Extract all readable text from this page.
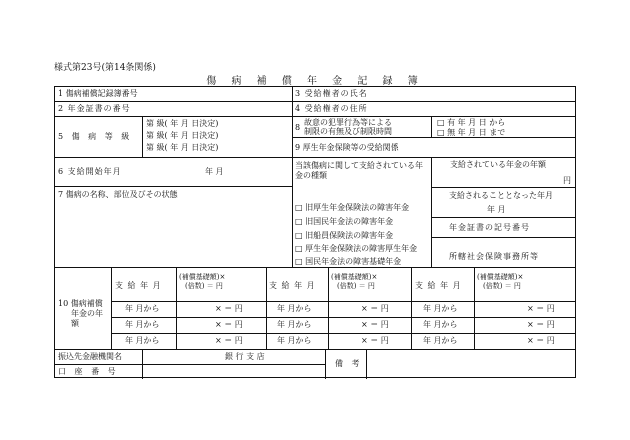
様式第23号(第14条関係)
傷 病 補 償 年 金 記 録 簿
1 傷病補償記録簿番号
2 年金証書の番号
3 受給権者の氏名
4 受給権者の住所
5 傷 病 等 級
第 級( 年 月 日決定)
第 級( 年 月 日決定)
第 級( 年 月 日決定)
8
故意の犯罪行為等による
制限の有無及び制限時間
□ 有 年 月 日 から
□ 無 年 月 日 まで
9 厚生年金保険等の受給関係
6 支給開始年月	年 月
7 傷病の名称、部位及びその状態
当該傷病に関して支給されている年
金の種類
□ 旧厚生年金保険法の障害年金
□ 旧国民年金法の障害年金
□ 旧船員保険法の障害年金
□ 厚生年金保険法の障害厚生年金
□ 国民年金法の障害基礎年金
支給されている年金の年額
円
支給されることとなった年月
年 月
年金証書の記号番号
所轄社会保険事務所等
10 傷病補償
年金の年
額
支 給 年 月
(補償基礎額)×
(倍数) ＝ 円	支 給 年 月
(補償基礎額)×
(倍数) ＝ 円	支 給 年 月
(補償基礎額)×
(倍数) ＝ 円
年 月から	× ＝ 円	年 月から	× ＝ 円	年 月から	× ＝ 円
年 月から	× ＝ 円	年 月から	× ＝ 円	年 月から	× ＝ 円
年 月から	× ＝ 円	年 月から	× ＝ 円	年 月から	× ＝ 円
振込先金融機関名	銀 行 支 店
口 座 番 号
備 考
